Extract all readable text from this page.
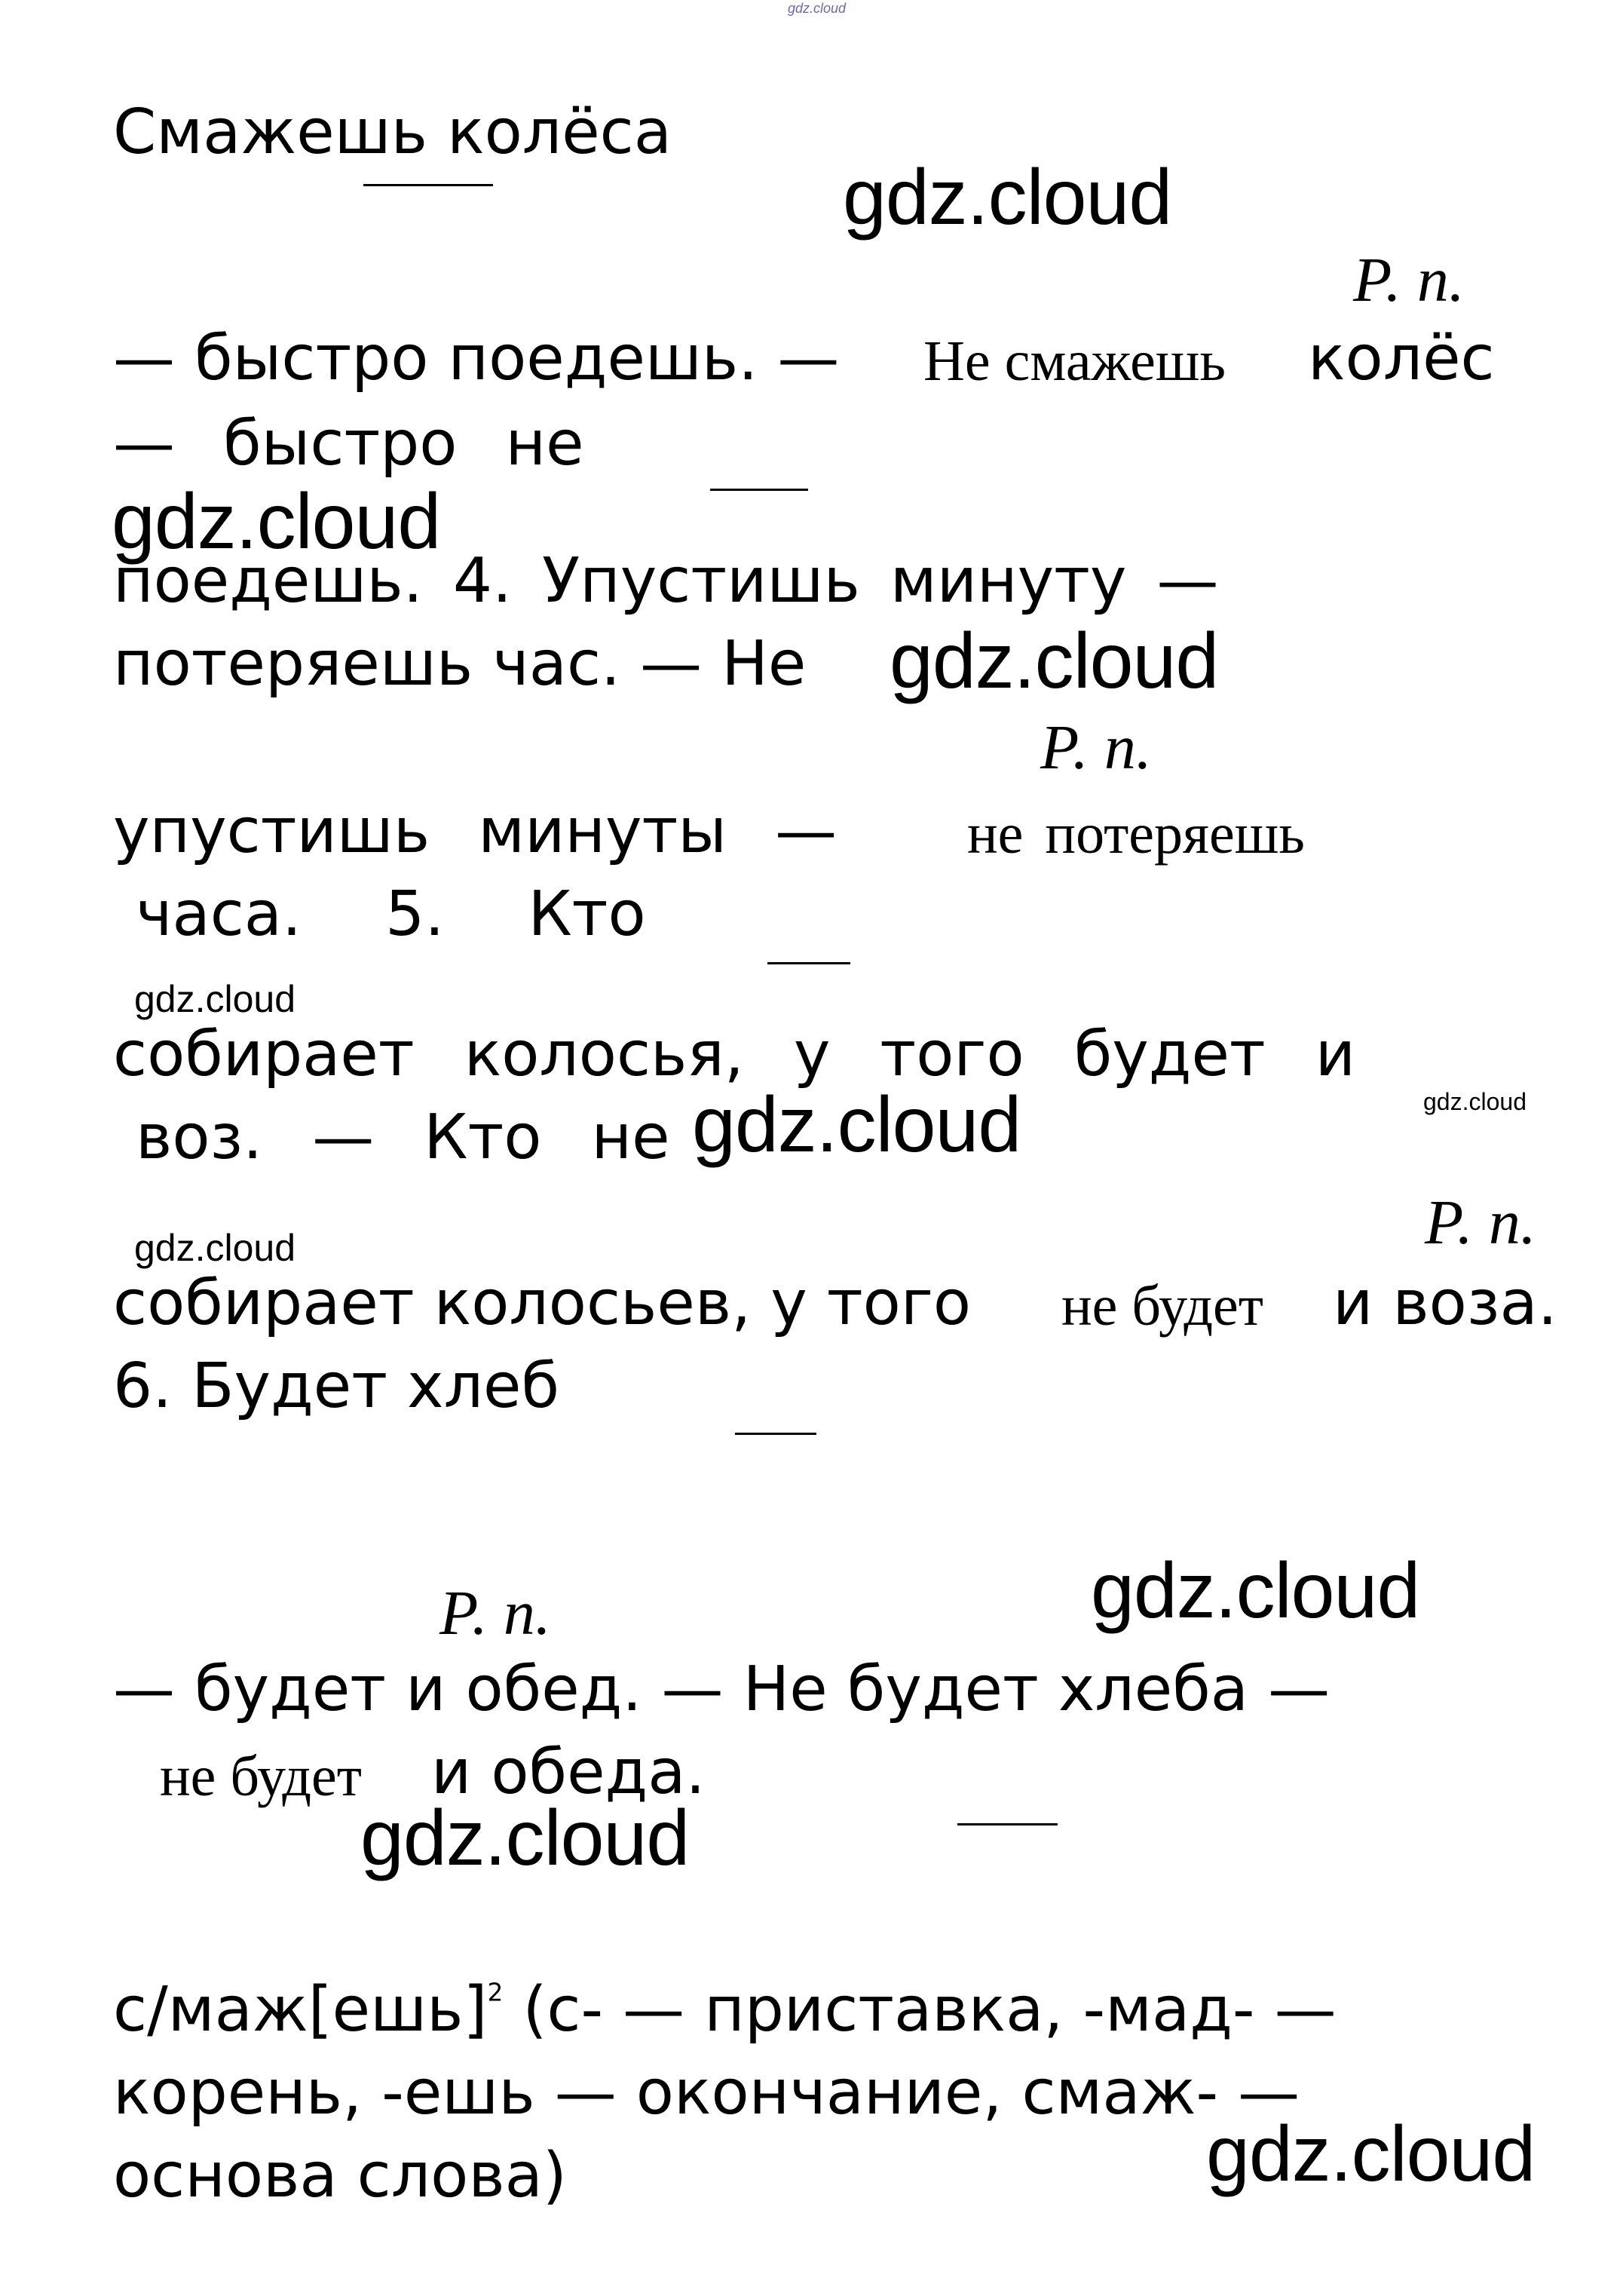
gdz.cloud
Смажешь колёса
gdz.cloud
Р. п.
— быстро поедешь. — Не смажешь колёс
— быстро не
gdz.cloud
поедешь. 4. Упустишь минуту —
потеряешь час. — Не gdz.cloud
Р. п.
упустишь минуты — не потеряешь
часа. 5. Кто
gdz.cloud
собирает колосья, у того будет и
gdz.cloud
воз. — Кто не gdz.cloud
Р. п.
gdz.cloud
собирает колосьев, у того не будет и воза.
6. Будет хлеб
Р. п.	gdz.cloud
— будет и обед. — Не будет хлеба —
не будет и обеда.
gdz.cloud
с/маж[ешь]$^2$ (с- — приставка, -мад- —
корень, -ешь — окончание, смаж- —
основа слова)	gdz.cloud
